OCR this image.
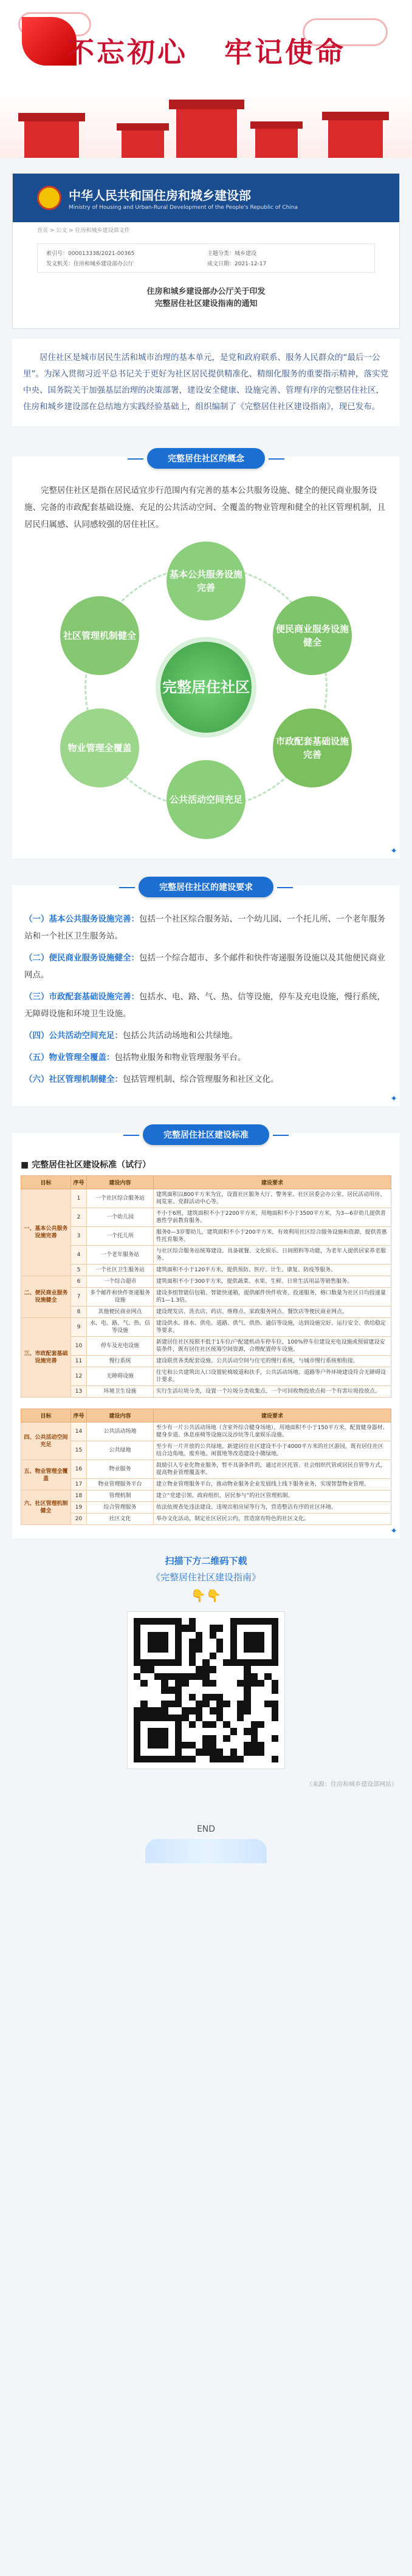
不忘初心 牢记使命
中华人民共和国住房和城乡建设部
Ministry of Housing and Urban-Rural Development of the People's Republic of China
首页 > 公文 > 住房和城乡建设部文件
索引号：000013338/2021-00365	主题分类：城乡建设
发文机关：住房和城乡建设部办公厅	成文日期：2021-12-17
住房和城乡建设部办公厅关于印发
完整居住社区建设指南的通知
居住社区是城市居民生活和城市治理的基本单元，是党和政府联系、服务人民群众的“最后一公里”。为深入贯彻习近平总书记关于更好为社区居民提供精准化、精细化服务的重要指示精神，落实党中央、国务院关于加强基层治理的决策部署，建设安全健康、设施完善、管理有序的完整居住社区，住房和城乡建设部在总结地方实践经验基础上，组织编制了《完整居住社区建设指南》，现已发布。
完整居住社区的概念
完整居住社区是指在居民适宜步行范围内有完善的基本公共服务设施、健全的便民商业服务设施、完备的市政配套基础设施、充足的公共活动空间、全覆盖的物业管理和健全的社区管理机制，且居民归属感、认同感较强的居住社区。
完整居住社区
基本公共服务设施完善
便民商业服务设施健全
市政配套基础设施完善
公共活动空间充足
物业管理全覆盖
社区管理机制健全
✦
完整居住社区的建设要求

（一）基本公共服务设施完善：包括一个社区综合服务站、一个幼儿园、一个托儿所、一个老年服务站和一个社区卫生服务站。

（二）便民商业服务设施健全：包括一个综合超市、多个邮件和快件寄递服务设施以及其他便民商业网点。

（三）市政配套基础设施完善：包括水、电、路、气、热、信等设施，停车及充电设施，慢行系统，无障碍设施和环境卫生设施。

（四）公共活动空间充足：包括公共活动场地和公共绿地。

（五）物业管理全覆盖：包括物业服务和物业管理服务平台。

（六）社区管理机制健全：包括管理机制、综合管理服务和社区文化。

✦
完整居住社区建设标准
■ 完整居住社区建设标准（试行）
目标	序号	建设内容	建设要求
一、基本公共服务设施完善	1	一个社区综合服务站	建筑面积以800平方米为宜，设置社区服务大厅、警务室、社区居委会办公室、居民活动用房、阅览室、党群活动中心等。
	2	一个幼儿园	不小于6班，建筑面积不小于2200平方米，用地面积不小于3500平方米，为3—6岁幼儿提供普惠性学前教育服务。
	3	一个托儿所	服务0—3岁婴幼儿，建筑面积不小于200平方米，有效利用社区综合服务设施和资源，提供普惠性托育服务。
	4	一个老年服务站	与社区综合服务站统筹建设。具备就餐、文化娱乐、日间照料等功能，为老年人提供居家养老服务。
	5	一个社区卫生服务站	建筑面积不小于120平方米，提供预防、医疗、计生、康复、防疫等服务。
二、便民商业服务设施健全	6	一个综合超市	建筑面积不小于300平方米，提供蔬菜、水果、生鲜、日常生活用品等销售服务。
	7	多个邮件和快件寄递服务设施	建设多组智能信包箱、智能快递箱，提供邮件快件收寄、投递服务，格口数量为社区日均投递量的1—1.3倍。
	8	其他便民商业网点	建设理发店、洗衣店、药店、维修点、家政服务网点、餐饮店等便民商业网点。
三、市政配套基础设施完善	9	水、电、路、气、热、信等设施	建设供水、排水、供电、道路、供气、供热、通信等设施，达到设施完好、运行安全、供给稳定等要求。
	10	停车及充电设施	新建居住社区按照不低于1车位/户配建机动车停车位，100%停车位建设充电设施或预留建设安装条件，既有居住社区统筹空间资源，合理配置停车设施。
	11	慢行系统	建设联贯各类配套设施、公共活动空间与住宅的慢行系统，与城市慢行系统相衔接。
	12	无障碍设施	住宅和公共建筑出入口设置轮椅坡道和扶手，公共活动场地、道路等户外环境建设符合无障碍设计要求。
	13	环境卫生设施	实行生活垃圾分类，设置一个垃圾分类收集点、一个可回收物投放点和一个有害垃圾投放点。
目标	序号	建设内容	建设要求
四、公共活动空间充足	14	公共活动场地	至少有一片公共活动场地（含室外综合健身场地），用地面积不小于150平方米，配置健身器材、健身步道、休息座椅等设施以及沙坑等儿童娱乐设施。
	15	公共绿地	至少有一片开放的公共绿地。新建居住社区建设不小于4000平方米的社区游园，既有居住社区结合边角地、废弃地、闲置地等改造建设小微绿地。
五、物业管理全覆盖	16	物业服务	鼓励引入专业化物业服务，暂不具备条件的，通过社区托管、社会组织代管或居民自管等方式，提高物业管理覆盖率。
	17	物业管理服务平台	建立物业管理服务平台，推动物业服务企业发展线上线下服务业务，实现智慧物业管理。
六、社区管理机制健全	18	管理机制	建立“党建引领、政府组织、居民参与”的社区管理机制。
	19	综合管理服务	依法依规查处违法建设、违规出租房屋等行为，营造整洁有序的社区环境。
	20	社区文化	举办文化活动，制定社区居民公约，营造富有特色的社区文化。
✦
扫描下方二维码下载
《完整居住社区建设指南》
👇👇
（来源：住房和城乡建设部网站）
END
